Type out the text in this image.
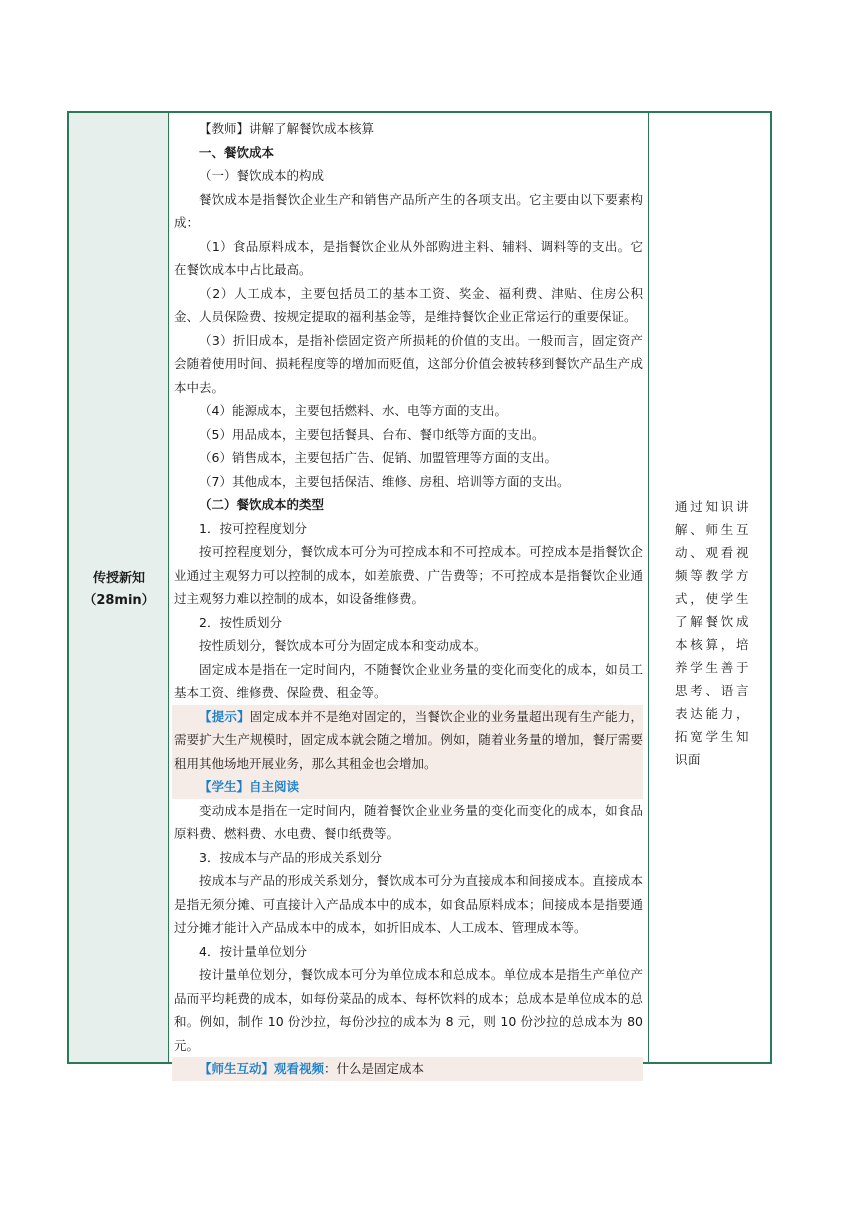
传授新知
（28min）

【教师】讲解了解餐饮成本核算

一、餐饮成本

（一）餐饮成本的构成

餐饮成本是指餐饮企业生产和销售产品所产生的各项支出。它主要由以下要素构成：

（1）食品原料成本，是指餐饮企业从外部购进主料、辅料、调料等的支出。它在餐饮成本中占比最高。

（2）人工成本，主要包括员工的基本工资、奖金、福利费、津贴、住房公积金、人员保险费、按规定提取的福利基金等，是维持餐饮企业正常运行的重要保证。

（3）折旧成本，是指补偿固定资产所损耗的价值的支出。一般而言，固定资产会随着使用时间、损耗程度等的增加而贬值，这部分价值会被转移到餐饮产品生产成本中去。

（4）能源成本，主要包括燃料、水、电等方面的支出。

（5）用品成本，主要包括餐具、台布、餐巾纸等方面的支出。

（6）销售成本，主要包括广告、促销、加盟管理等方面的支出。

（7）其他成本，主要包括保洁、维修、房租、培训等方面的支出。

（二）餐饮成本的类型

1．按可控程度划分

按可控程度划分，餐饮成本可分为可控成本和不可控成本。可控成本是指餐饮企业通过主观努力可以控制的成本，如差旅费、广告费等；不可控成本是指餐饮企业通过主观努力难以控制的成本，如设备维修费。

2．按性质划分

按性质划分，餐饮成本可分为固定成本和变动成本。

固定成本是指在一定时间内，不随餐饮企业业务量的变化而变化的成本，如员工基本工资、维修费、保险费、租金等。

【提示】固定成本并不是绝对固定的，当餐饮企业的业务量超出现有生产能力，需要扩大生产规模时，固定成本就会随之增加。例如，随着业务量的增加，餐厅需要租用其他场地开展业务，那么其租金也会增加。

【学生】自主阅读

变动成本是指在一定时间内，随着餐饮企业业务量的变化而变化的成本，如食品原料费、燃料费、水电费、餐巾纸费等。

3．按成本与产品的形成关系划分

按成本与产品的形成关系划分，餐饮成本可分为直接成本和间接成本。直接成本是指无须分摊、可直接计入产品成本中的成本，如食品原料成本；间接成本是指要通过分摊才能计入产品成本中的成本，如折旧成本、人工成本、管理成本等。

4．按计量单位划分

按计量单位划分，餐饮成本可分为单位成本和总成本。单位成本是指生产单位产品而平均耗费的成本，如每份菜品的成本、每杯饮料的成本；总成本是单位成本的总和。例如，制作 10 份沙拉，每份沙拉的成本为 8 元，则 10 份沙拉的总成本为 80 元。

【师生互动】观看视频：什么是固定成本

通过知识讲解、师生互动、观看视频等教学方式，使学生了解餐饮成本核算，培养学生善于思考、语言表达能力，拓宽学生知识面
